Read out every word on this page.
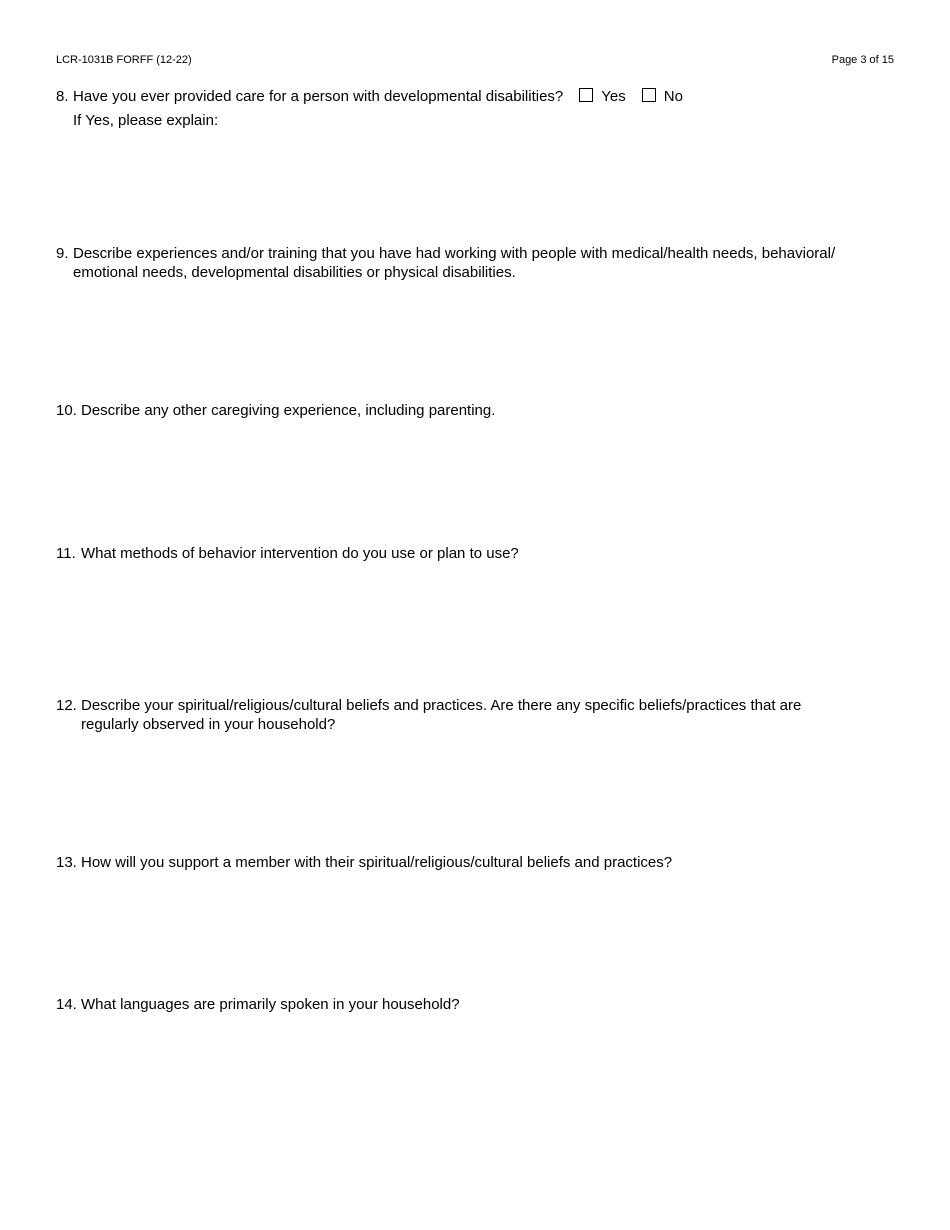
LCR-1031B FORFF (12-22)	Page 3 of 15
8. Have you ever provided care for a person with developmental disabilities?	Yes	No
If Yes, please explain:
9. Describe experiences and/or training that you have had working with people with medical/health needs, behavioral/
emotional needs, developmental disabilities or physical disabilities.
10. Describe any other caregiving experience, including parenting.
11. What methods of behavior intervention do you use or plan to use?
12. Describe your spiritual/religious/cultural beliefs and practices. Are there any specific beliefs/practices that are
regularly observed in your household?
13. How will you support a member with their spiritual/religious/cultural beliefs and practices?
14. What languages are primarily spoken in your household?
